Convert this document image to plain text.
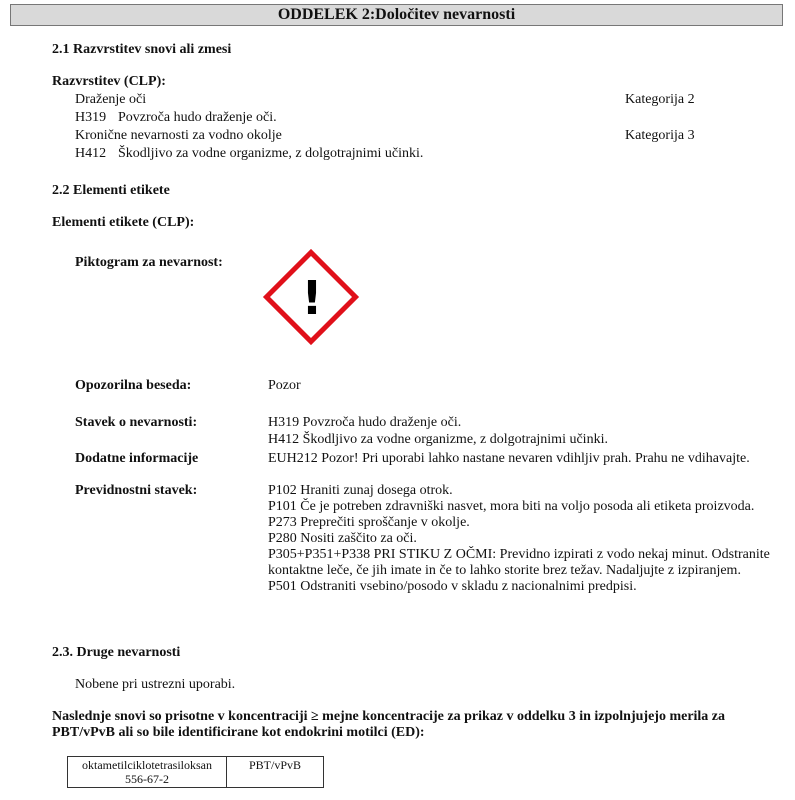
ODDELEK 2:Določitev nevarnosti
2.1 Razvrstitev snovi ali zmesi
Razvrstitev (CLP):
Draženje oči	Kategorija 2
H319 Povzroča hudo draženje oči.
Kronične nevarnosti za vodno okolje	Kategorija 3
H412 Škodljivo za vodne organizme, z dolgotrajnimi učinki.
2.2 Elementi etikete
Elementi etikete (CLP):
Piktogram za nevarnost:
!
Opozorilna beseda:	Pozor
Stavek o nevarnosti:	H319 Povzroča hudo draženje oči.
H412 Škodljivo za vodne organizme, z dolgotrajnimi učinki.
Dodatne informacije	EUH212 Pozor! Pri uporabi lahko nastane nevaren vdihljiv prah. Prahu ne vdihavajte.
Previdnostni stavek:	P102 Hraniti zunaj dosega otrok.
P101 Če je potreben zdravniški nasvet, mora biti na voljo posoda ali etiketa proizvoda.
P273 Preprečiti sproščanje v okolje.
P280 Nositi zaščito za oči.
P305+P351+P338 PRI STIKU Z OČMI: Previdno izpirati z vodo nekaj minut. Odstranite
kontaktne leče, če jih imate in če to lahko storite brez težav. Nadaljujte z izpiranjem.
P501 Odstraniti vsebino/posodo v skladu z nacionalnimi predpisi.
2.3. Druge nevarnosti
Nobene pri ustrezni uporabi.
Naslednje snovi so prisotne v koncentraciji ≥ mejne koncentracije za prikaz v oddelku 3 in izpolnjujejo merila za
PBT/vPvB ali so bile identificirane kot endokrini motilci (ED):
oktametilciklotetrasiloksan
556-67-2
	PBT/vPvB
